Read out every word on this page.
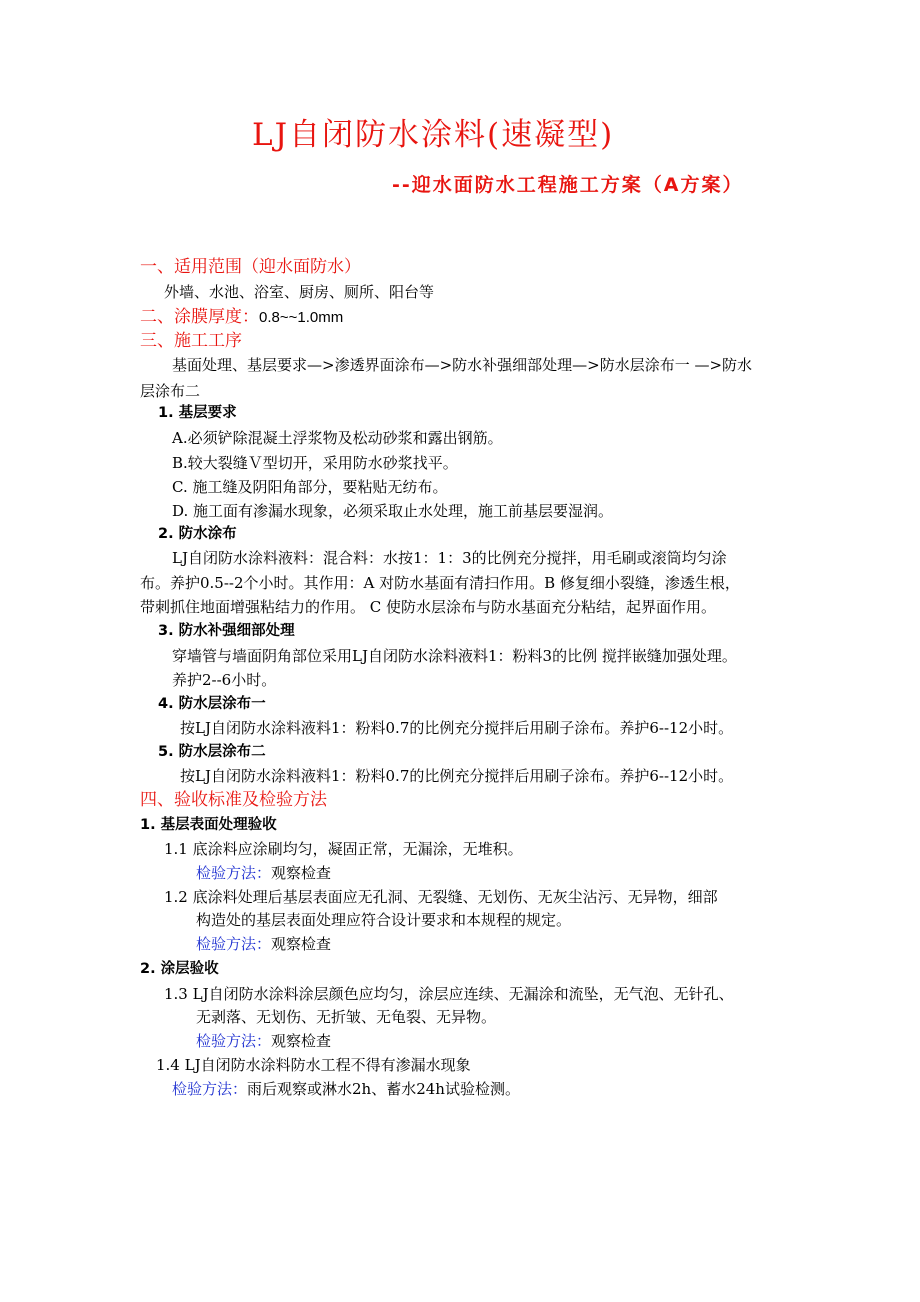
LJ自闭防水涂料(速凝型)
--迎水面防水工程施工方案（A方案）
一、适用范围（迎水面防水）
外墙、水池、浴室、厨房、厕所、阳台等
二、涂膜厚度：0.8~~1.0mm
三、施工工序
基面处理、基层要求—>渗透界面涂布—>防水补强细部处理—>防水层涂布一 —>防水
层涂布二
1. 基层要求
A.必须铲除混凝土浮浆物及松动砂浆和露出钢筋。
B.较大裂缝Ｖ型切开，采用防水砂浆找平。
C. 施工缝及阴阳角部分，要粘贴无纺布。
D. 施工面有渗漏水现象，必须采取止水处理，施工前基层要湿润。
2. 防水涂布
LJ自闭防水涂料液料：混合料：水按1：1：3的比例充分搅拌，用毛刷或滚筒均匀涂
布。养护0.5--2个小时。其作用：A 对防水基面有清扫作用。B 修复细小裂缝，渗透生根，
带刺抓住地面增强粘结力的作用。 C 使防水层涂布与防水基面充分粘结，起界面作用。
3. 防水补强细部处理
穿墙管与墙面阴角部位采用LJ自闭防水涂料液料1：粉料3的比例 搅拌嵌缝加强处理。
养护2--6小时。
4. 防水层涂布一
按LJ自闭防水涂料液料1：粉料0.7的比例充分搅拌后用刷子涂布。养护6--12小时。
5. 防水层涂布二
按LJ自闭防水涂料液料1：粉料0.7的比例充分搅拌后用刷子涂布。养护6--12小时。
四、验收标准及检验方法
1. 基层表面处理验收
1.1 底涂料应涂刷均匀，凝固正常，无漏涂，无堆积。
检验方法：观察检查
1.2 底涂料处理后基层表面应无孔洞、无裂缝、无划伤、无灰尘沾污、无异物，细部
构造处的基层表面处理应符合设计要求和本规程的规定。
检验方法：观察检查
2. 涂层验收
1.3 LJ自闭防水涂料涂层颜色应均匀，涂层应连续、无漏涂和流坠，无气泡、无针孔、
无剥落、无划伤、无折皱、无龟裂、无异物。
检验方法：观察检查
1.4 LJ自闭防水涂料防水工程不得有渗漏水现象
检验方法：雨后观察或淋水2h、蓄水24h试验检测。
